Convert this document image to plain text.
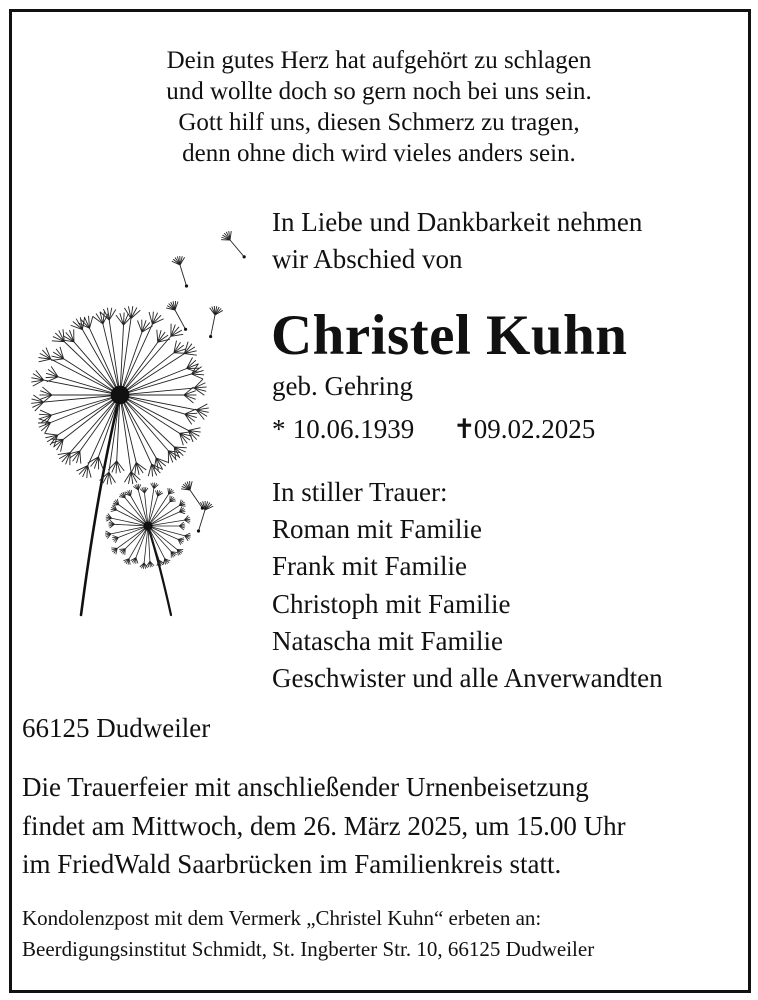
Dein gutes Herz hat aufgehört zu schlagen
und wollte doch so gern noch bei uns sein.
Gott hilf uns, diesen Schmerz zu tragen,
denn ohne dich wird vieles anders sein.
In Liebe und Dankbarkeit nehmen
wir Abschied von
Christel Kuhn
geb. Gehring
* 10.06.1939 ✝ 09.02.2025
In stiller Trauer:
Roman mit Familie
Frank mit Familie
Christoph mit Familie
Natascha mit Familie
Geschwister und alle Anverwandten
66125 Dudweiler
Die Trauerfeier mit anschließender Urnenbeisetzung
findet am Mittwoch, dem 26. März 2025, um 15.00 Uhr
im FriedWald Saarbrücken im Familienkreis statt.
Kondolenzpost mit dem Vermerk „Christel Kuhn“ erbeten an:
Beerdigungsinstitut Schmidt, St. Ingberter Str. 10, 66125 Dudweiler
